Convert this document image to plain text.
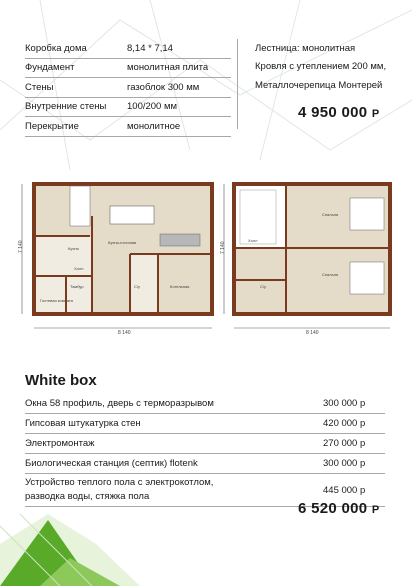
Коробка дома	8,14 * 7,14
Фундамент	монолитная плита
Стены	газоблок 300 мм
Внутренние стены	100/200 мм
Перекрытие	монолитное
Лестница: монолитная
Кровля с утеплением 200 мм,
Металлочерепица Монтерей
4 950 000 Р
Кухня
Кухня-гостиная
Холл
Тамбур
Гостевая комната
С/у	Котельная
8 140
7 140
Спальня
Спальня
Холл
С/у
8 140
7 140
White box
Окна 58 профиль, дверь с терморазрывом	300 000 р
Гипсовая штукатурка стен	420 000 р
Электромонтаж	270 000 р
Биологическая станция (септик) flotenk	300 000 р
Устройство теплого пола с электрокотлом,
разводка воды, стяжка пола
445 000 р
6 520 000 Р
